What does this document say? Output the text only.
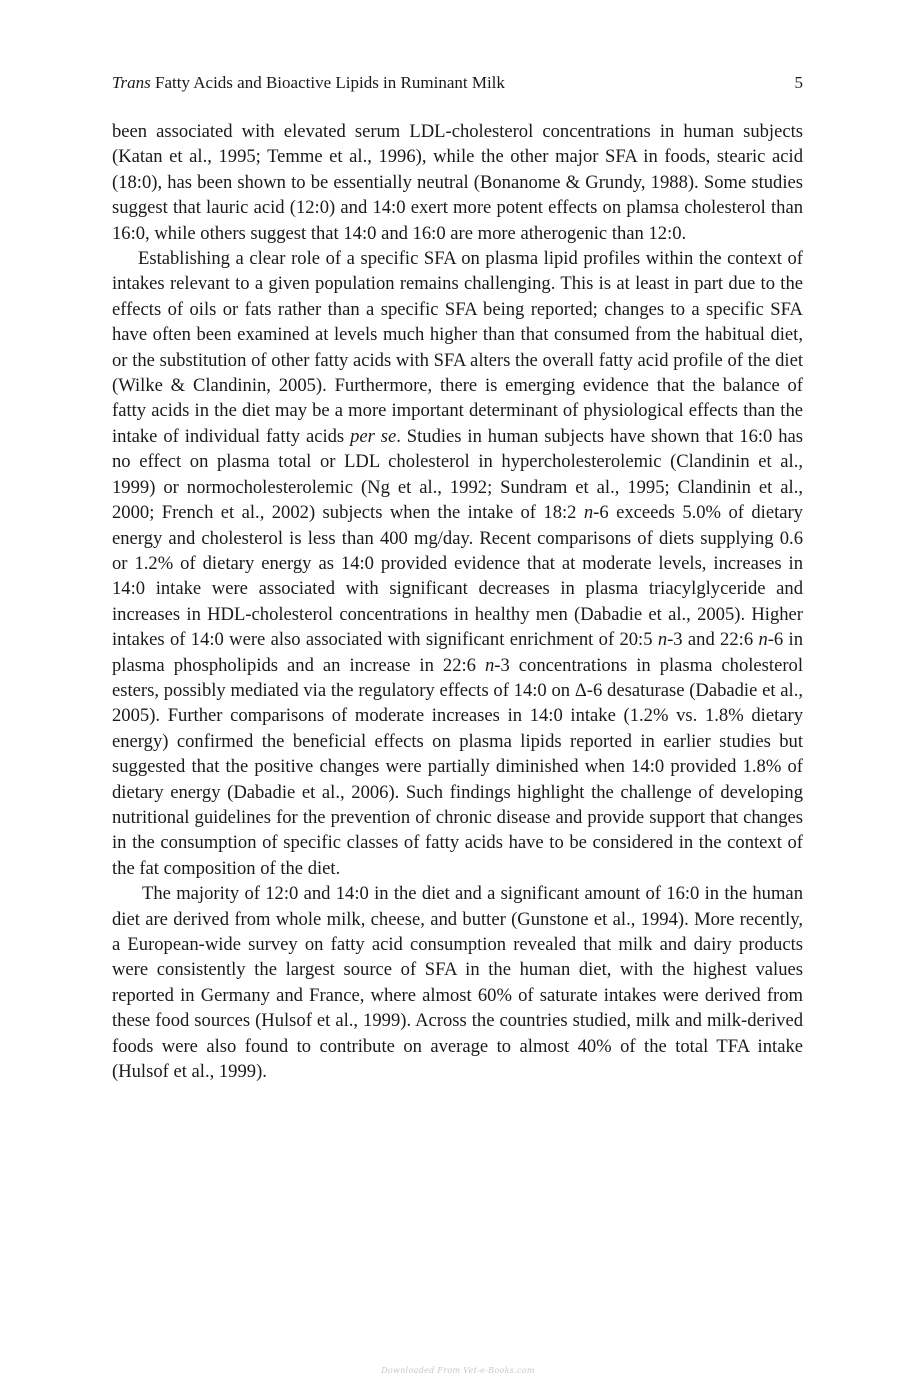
Trans Fatty Acids and Bioactive Lipids in Ruminant Milk	5

been associated with elevated serum LDL-cholesterol concentrations in human subjects (Katan et al., 1995; Temme et al., 1996), while the other major SFA in foods, stearic acid (18:0), has been shown to be essentially neutral (Bonanome & Grundy, 1988). Some studies suggest that lauric acid (12:0) and 14:0 exert more potent effects on plamsa cholesterol than 16:0, while others suggest that 14:0 and 16:0 are more atherogenic than 12:0.

Establishing a clear role of a specific SFA on plasma lipid profiles within the context of intakes relevant to a given population remains challenging. This is at least in part due to the effects of oils or fats rather than a specific SFA being reported; changes to a specific SFA have often been examined at levels much higher than that consumed from the habitual diet, or the substitution of other fatty acids with SFA alters the overall fatty acid profile of the diet (Wilke & Clandinin, 2005). Furthermore, there is emerging evidence that the balance of fatty acids in the diet may be a more important determinant of physiological effects than the intake of individual fatty acids per se. Studies in human subjects have shown that 16:0 has no effect on plasma total or LDL cholesterol in hypercholesterolemic (Clandinin et al., 1999) or normocholesterolemic (Ng et al., 1992; Sundram et al., 1995; Clandinin et al., 2000; French et al., 2002) subjects when the intake of 18:2 n-6 exceeds 5.0% of dietary energy and cholesterol is less than 400 mg/day. Recent comparisons of diets supplying 0.6 or 1.2% of dietary energy as 14:0 provided evidence that at moderate levels, increases in 14:0 intake were associated with significant decreases in plasma triacylglyceride and increases in HDL-cholesterol concentrations in healthy men (Dabadie et al., 2005). Higher intakes of 14:0 were also associated with significant enrichment of 20:5 n-3 and 22:6 n-6 in plasma phospholipids and an increase in 22:6 n-3 concentrations in plasma cholesterol esters, possibly mediated via the regulatory effects of 14:0 on Δ-6 desaturase (Dabadie et al., 2005). Further comparisons of moderate increases in 14:0 intake (1.2% vs. 1.8% dietary energy) confirmed the beneficial effects on plasma lipids reported in earlier studies but suggested that the positive changes were partially diminished when 14:0 provided 1.8% of dietary energy (Dabadie et al., 2006). Such findings highlight the challenge of developing nutritional guidelines for the prevention of chronic disease and provide support that changes in the consumption of specific classes of fatty acids have to be considered in the context of the fat composition of the diet.

The majority of 12:0 and 14:0 in the diet and a significant amount of 16:0 in the human diet are derived from whole milk, cheese, and butter (Gunstone et al., 1994). More recently, a European-wide survey on fatty acid consumption revealed that milk and dairy products were consistently the largest source of SFA in the human diet, with the highest values reported in Germany and France, where almost 60% of saturate intakes were derived from these food sources (Hulsof et al., 1999). Across the countries studied, milk and milk-derived foods were also found to contribute on average to almost 40% of the total TFA intake (Hulsof et al., 1999).

Downloaded From Vet-e-Books.com
